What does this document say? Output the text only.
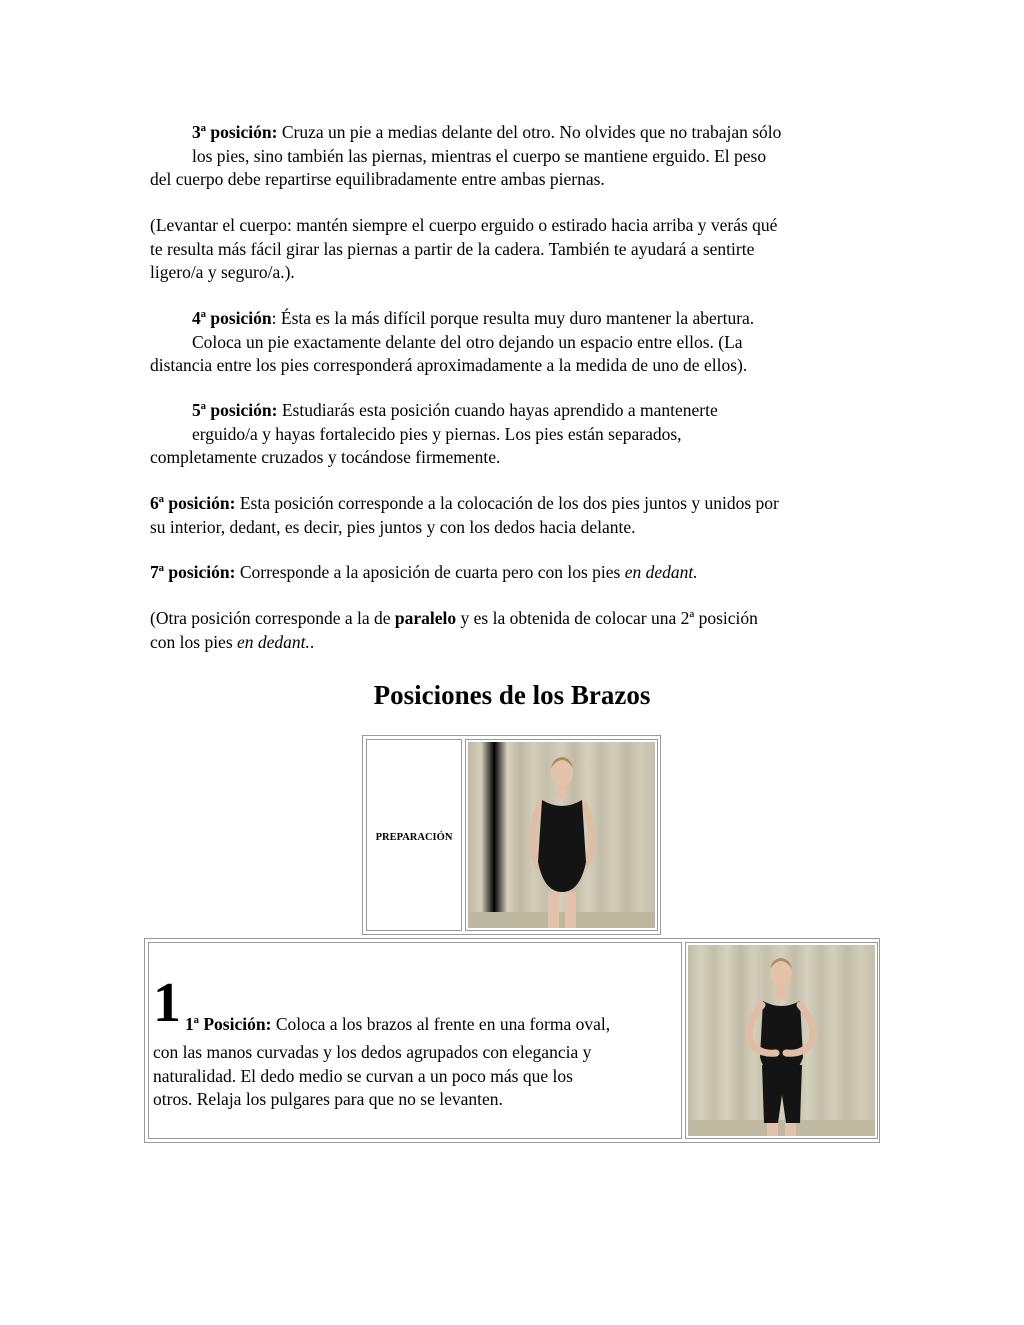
3ª posición: Cruza un pie a medias delante del otro. No olvides que no trabajan sólo
los pies, sino también las piernas, mientras el cuerpo se mantiene erguido. El peso
del cuerpo debe repartirse equilibradamente entre ambas piernas.
(Levantar el cuerpo: mantén siempre el cuerpo erguido o estirado hacia arriba y verás qué
te resulta más fácil girar las piernas a partir de la cadera. También te ayudará a sentirte
ligero/a y seguro/a.).
4ª posición: Ésta es la más difícil porque resulta muy duro mantener la abertura.
Coloca un pie exactamente delante del otro dejando un espacio entre ellos. (La
distancia entre los pies corresponderá aproximadamente a la medida de uno de ellos).
5ª posición: Estudiarás esta posición cuando hayas aprendido a mantenerte
erguido/a y hayas fortalecido pies y piernas. Los pies están separados,
completamente cruzados y tocándose firmemente.
6ª posición: Esta posición corresponde a la colocación de los dos pies juntos y unidos por
su interior, dedant, es decir, pies juntos y con los dedos hacia delante.
7ª posición: Corresponde a la aposición de cuarta pero con los pies en dedant.
(Otra posición corresponde a la de paralelo y es la obtenida de colocar una 2ª posición
con los pies en dedant..
Posiciones de los Brazos
PREPARACIÓN
1 1ª Posición: Coloca a los brazos al frente en una forma oval,
con las manos curvadas y los dedos agrupados con elegancia y
naturalidad. El dedo medio se curvan a un poco más que los
otros. Relaja los pulgares para que no se levanten.
